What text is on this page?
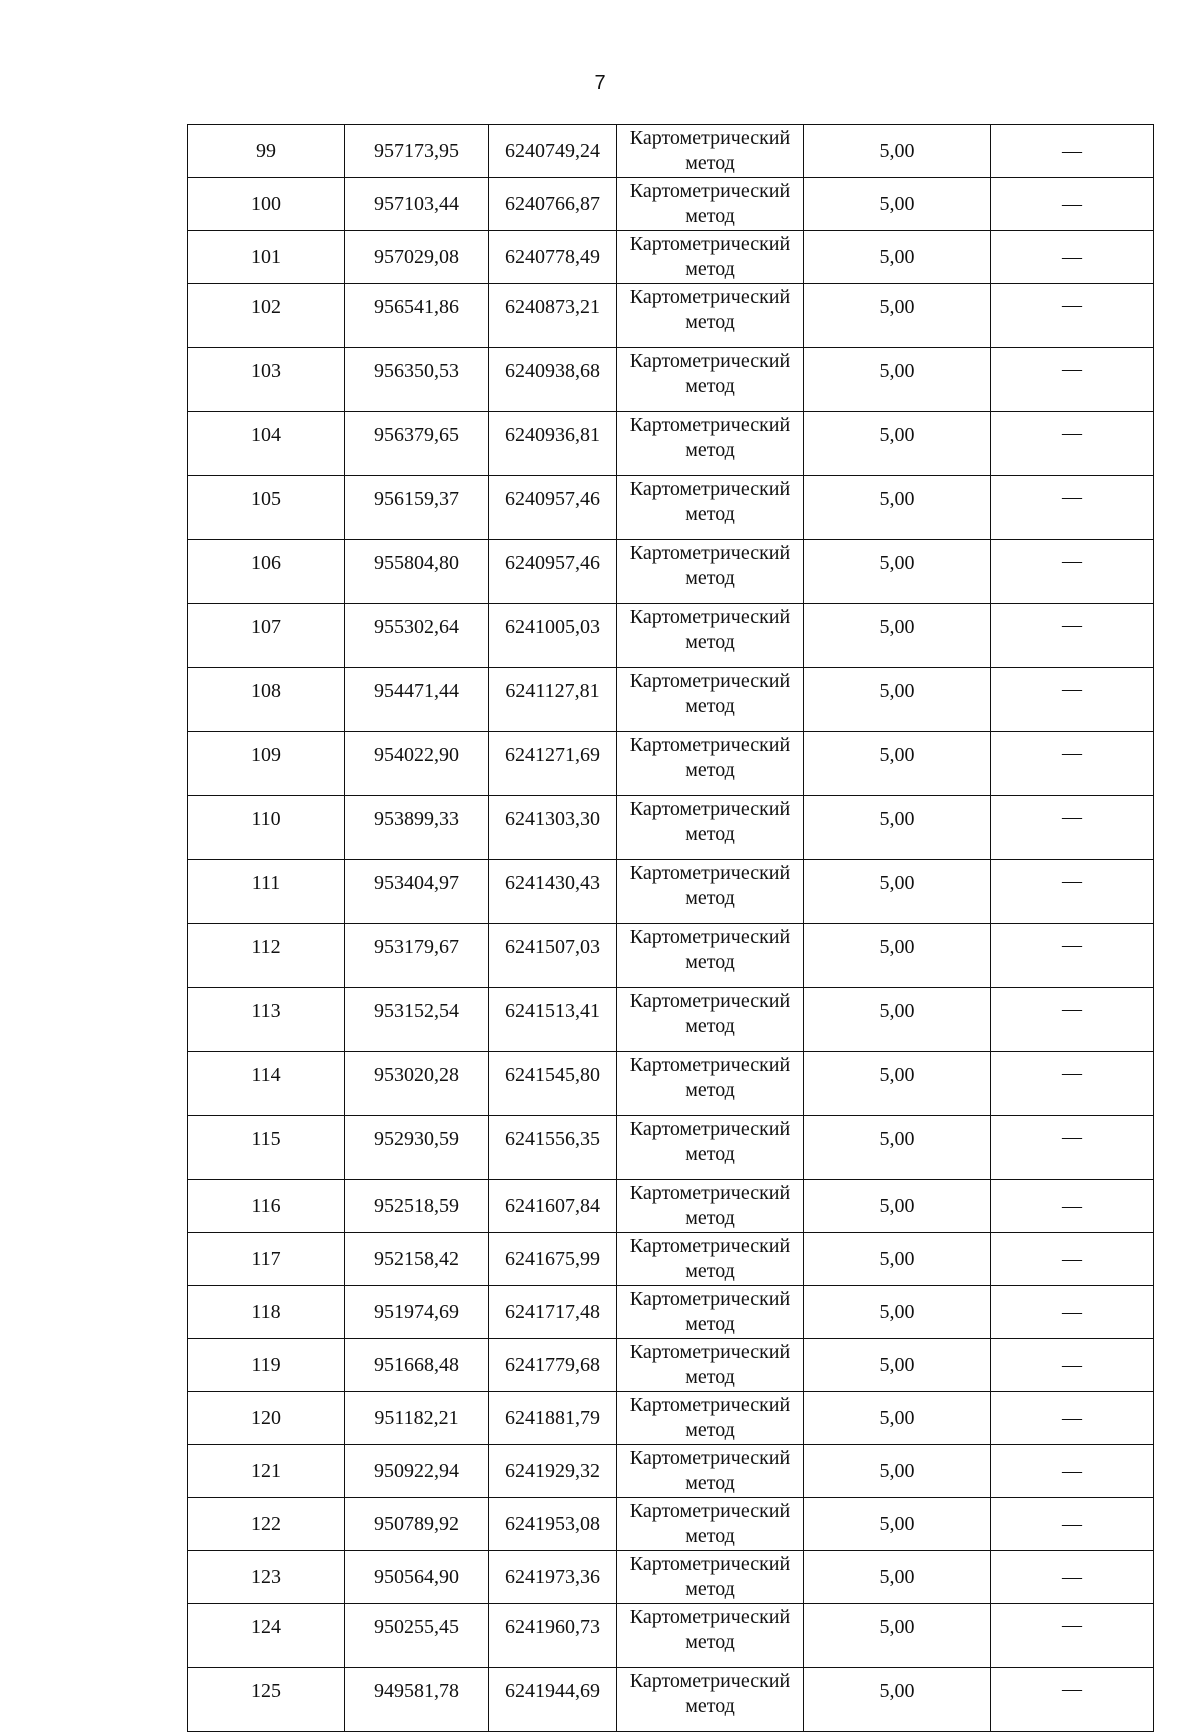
7
99	957173,95	6240749,24	Картометрический метод	5,00	—
100	957103,44	6240766,87	Картометрический метод	5,00	—
101	957029,08	6240778,49	Картометрический метод	5,00	—
102	956541,86	6240873,21	Картометрический метод	5,00	—
103	956350,53	6240938,68	Картометрический метод	5,00	—
104	956379,65	6240936,81	Картометрический метод	5,00	—
105	956159,37	6240957,46	Картометрический метод	5,00	—
106	955804,80	6240957,46	Картометрический метод	5,00	—
107	955302,64	6241005,03	Картометрический метод	5,00	—
108	954471,44	6241127,81	Картометрический метод	5,00	—
109	954022,90	6241271,69	Картометрический метод	5,00	—
110	953899,33	6241303,30	Картометрический метод	5,00	—
111	953404,97	6241430,43	Картометрический метод	5,00	—
112	953179,67	6241507,03	Картометрический метод	5,00	—
113	953152,54	6241513,41	Картометрический метод	5,00	—
114	953020,28	6241545,80	Картометрический метод	5,00	—
115	952930,59	6241556,35	Картометрический метод	5,00	—
116	952518,59	6241607,84	Картометрический метод	5,00	—
117	952158,42	6241675,99	Картометрический метод	5,00	—
118	951974,69	6241717,48	Картометрический метод	5,00	—
119	951668,48	6241779,68	Картометрический метод	5,00	—
120	951182,21	6241881,79	Картометрический метод	5,00	—
121	950922,94	6241929,32	Картометрический метод	5,00	—
122	950789,92	6241953,08	Картометрический метод	5,00	—
123	950564,90	6241973,36	Картометрический метод	5,00	—
124	950255,45	6241960,73	Картометрический метод	5,00	—
125	949581,78	6241944,69	Картометрический метод	5,00	—
